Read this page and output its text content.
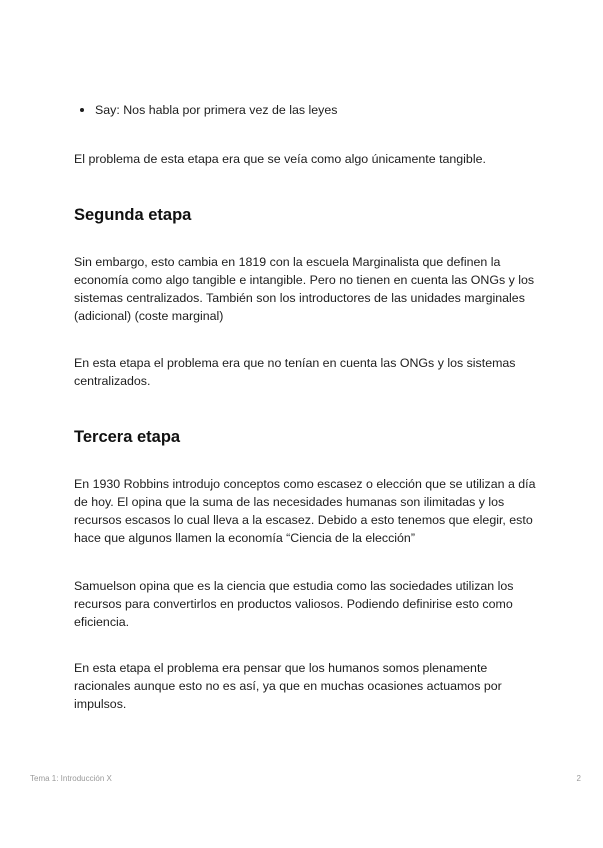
Say: Nos habla por primera vez de las leyes

El problema de esta etapa era que se veía como algo únicamente tangible.

Segunda etapa

Sin embargo, esto cambia en 1819 con la escuela Marginalista que definen la economía como algo tangible e intangible. Pero no tienen en cuenta las ONGs y los sistemas centralizados. También son los introductores de las unidades marginales (adicional) (coste marginal)

En esta etapa el problema era que no tenían en cuenta las ONGs y los sistemas centralizados.

Tercera etapa

En 1930 Robbins introdujo conceptos como escasez o elección que se utilizan a día de hoy. El opina que la suma de las necesidades humanas son ilimitadas y los recursos escasos lo cual lleva a la escasez. Debido a esto tenemos que elegir, esto hace que algunos llamen la economía “Ciencia de la elección”

Samuelson opina que es la ciencia que estudia como las sociedades utilizan los recursos para convertirlos en productos valiosos. Podiendo definirise esto como eficiencia.

En esta etapa el problema era pensar que los humanos somos plenamente racionales aunque esto no es así, ya que en muchas ocasiones actuamos por impulsos.

Tema 1: Introducción X	2
